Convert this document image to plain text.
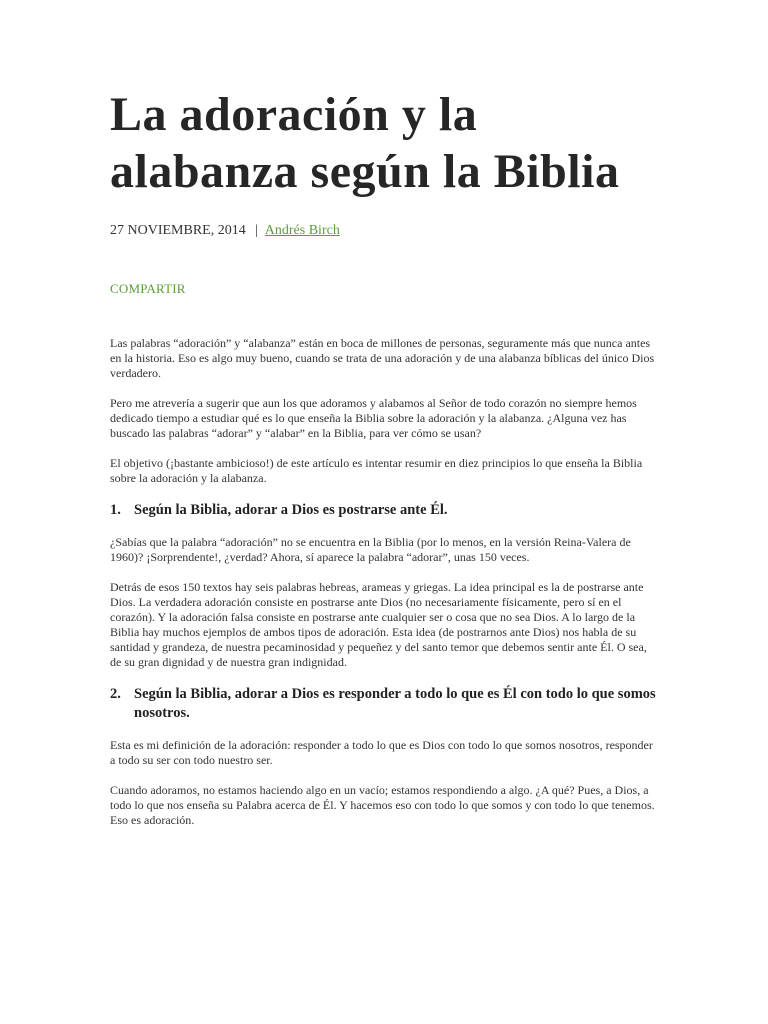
La adoración y la alabanza según la Biblia
27 NOVIEMBRE, 2014 | Andrés Birch
COMPARTIR

Las palabras “adoración” y “alabanza” están en boca de millones de personas, seguramente más que nunca antes en la historia. Eso es algo muy bueno, cuando se trata de una adoración y de una alabanza bíblicas del único Dios verdadero.

Pero me atrevería a sugerir que aun los que adoramos y alabamos al Señor de todo corazón no siempre hemos dedicado tiempo a estudiar qué es lo que enseña la Biblia sobre la adoración y la alabanza. ¿Alguna vez has buscado las palabras “adorar” y “alabar” en la Biblia, para ver cómo se usan?

El objetivo (¡bastante ambicioso!) de este artículo es intentar resumir en diez principios lo que enseña la Biblia sobre la adoración y la alabanza.

1. Según la Biblia, adorar a Dios es postrarse ante Él.

¿Sabías que la palabra “adoración” no se encuentra en la Biblia (por lo menos, en la versión Reina-Valera de 1960)? ¡Sorprendente!, ¿verdad? Ahora, sí aparece la palabra “adorar”, unas 150 veces.

Detrás de esos 150 textos hay seis palabras hebreas, arameas y griegas. La idea principal es la de postrarse ante Dios. La verdadera adoración consiste en postrarse ante Dios (no necesariamente físicamente, pero sí en el corazón). Y la adoración falsa consiste en postrarse ante cualquier ser o cosa que no sea Dios. A lo largo de la Biblia hay muchos ejemplos de ambos tipos de adoración. Esta idea (de postrarnos ante Dios) nos habla de su santidad y grandeza, de nuestra pecaminosidad y pequeñez y del santo temor que debemos sentir ante Él. O sea, de su gran dignidad y de nuestra gran indignidad.

2. Según la Biblia, adorar a Dios es responder a todo lo que es Él con todo lo que somos nosotros.

Esta es mi definición de la adoración: responder a todo lo que es Dios con todo lo que somos nosotros, responder a todo su ser con todo nuestro ser.

Cuando adoramos, no estamos haciendo algo en un vacío; estamos respondiendo a algo. ¿A qué? Pues, a Dios, a todo lo que nos enseña su Palabra acerca de Él. Y hacemos eso con todo lo que somos y con todo lo que tenemos. Eso es adoración.
